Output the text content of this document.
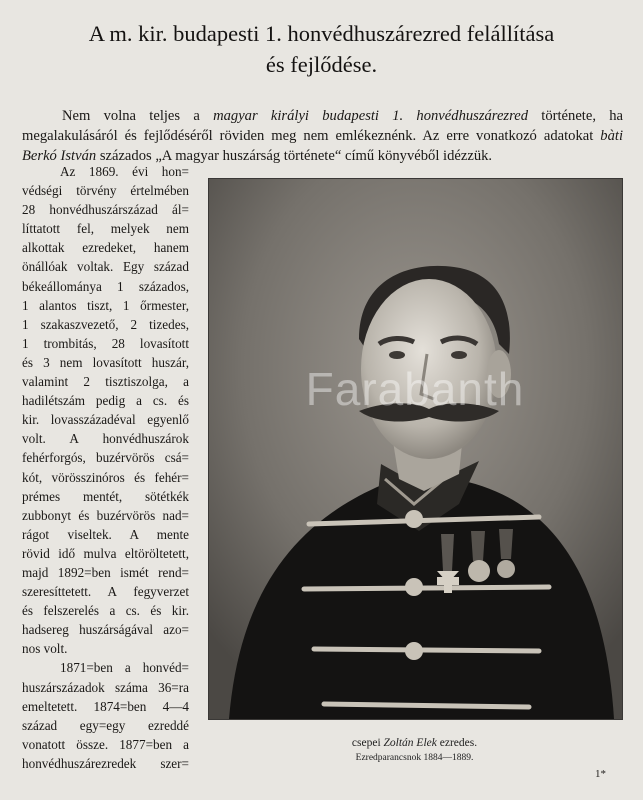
A m. kir. budapesti 1. honvédhuszárezred felállítása
és fejlődése.
Nem volna teljes a magyar királyi budapesti 1. honvédhuszárezred története, ha megalakulásáról és fejlődéséről röviden meg nem emlékeznénk. Az erre vonatkozó adatokat bàti Berkó István százados „A magyar huszárság története“ című könyvéből idézzük.
Az 1869. évi hon=
védségi törvény értelmében
28 honvédhuszárszázad ál=
líttatott fel, melyek nem
alkottak ezredeket, hanem
önállóak voltak. Egy század
békeállománya 1 százados,
1 alantos tiszt, 1 őrmester,
1 szakaszvezető, 2 tizedes,
1 trombitás, 28 lovasított
és 3 nem lovasított huszár,
valamint 2 tisztiszolga, a
hadilétszám pedig a cs. és
kir. lovasszázadéval egyenlő
volt. A honvédhuszárok
fehérforgós, buzérvörös csá=
kót, vörösszinóros és fehér=
prémes mentét, sötétkék
zubbonyt és buzérvörös nad=
rágot viseltek. A mente
rövid idő mulva eltöröltetett,
majd 1892=ben ismét rend=
szeresíttetett. A fegyverzet
és felszerelés a cs. és kir.
hadsereg huszárságával azo=
nos volt.
1871=ben a honvéd=
huszárszázadok száma 36=ra
emeltetett. 1874=ben 4—4
század egy=egy ezreddé
vonatott össze. 1877=ben a
honvédhuszárezredek szer=
Farabanth
csepei Zoltán Elek ezredes.
Ezredparancsnok 1884—1889.
1*
